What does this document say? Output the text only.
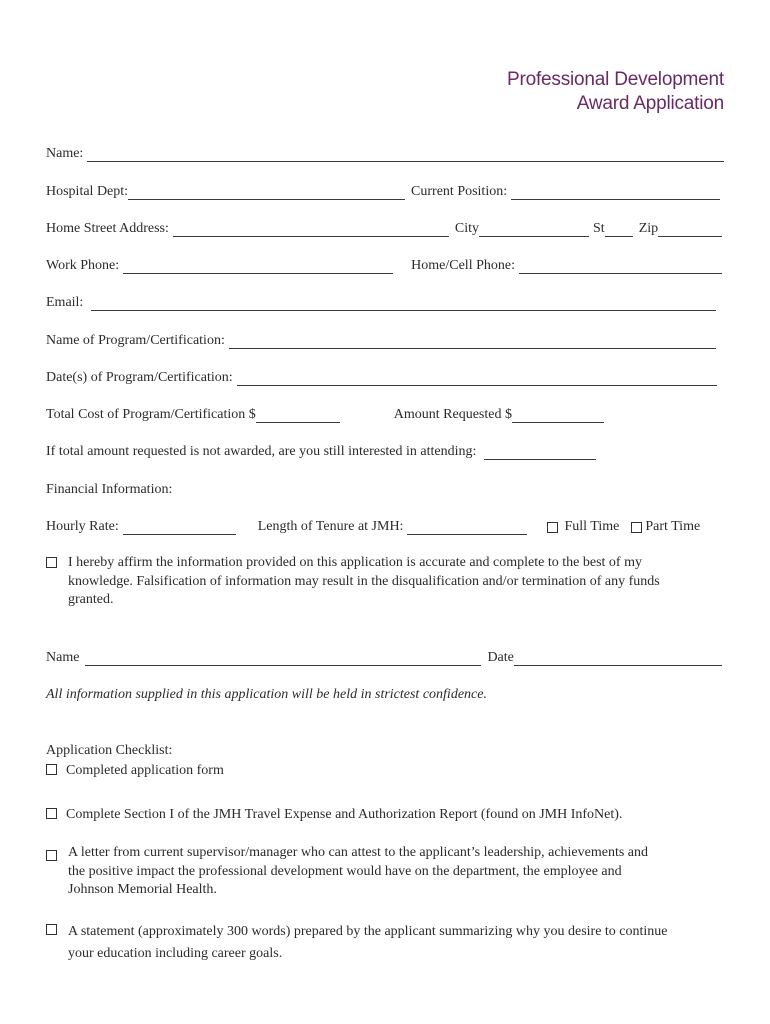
Professional Development
Award Application
Name:
Hospital Dept:	Current Position:
Home Street Address:	City	St Zip
Work Phone:	Home/Cell Phone:
Email:
Name of Program/Certification:
Date(s) of Program/Certification:
Total Cost of Program/Certification $	Amount Requested $
If total amount requested is not awarded, are you still interested in attending:
Financial Information:
Hourly Rate:	Length of Tenure at JMH:	Full Time Part Time
I hereby affirm the information provided on this application is accurate and complete to the best of my
knowledge. Falsification of information may result in the disqualification and/or termination of any funds
granted.
Name	Date
All information supplied in this application will be held in strictest confidence.
Application Checklist:
Completed application form
Complete Section I of the JMH Travel Expense and Authorization Report (found on JMH InfoNet).
A letter from current supervisor/manager who can attest to the applicant’s leadership, achievements and
the positive impact the professional development would have on the department, the employee and
Johnson Memorial Health.
A statement (approximately 300 words) prepared by the applicant summarizing why you desire to continue
your education including career goals.
